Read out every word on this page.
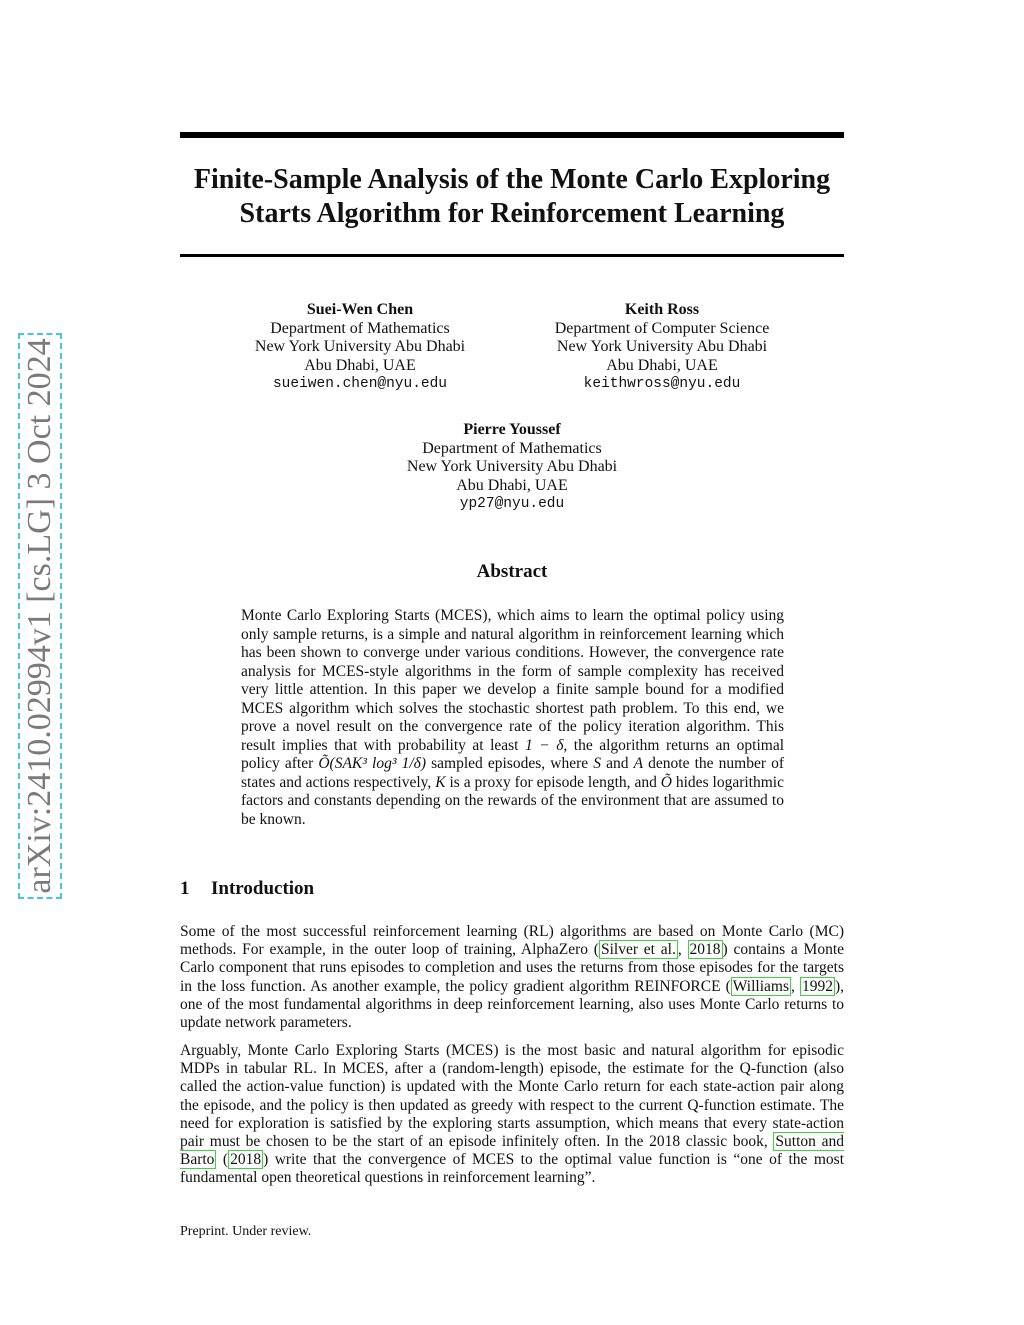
arXiv:2410.02994v1 [cs.LG] 3 Oct 2024
Finite-Sample Analysis of the Monte Carlo Exploring Starts Algorithm for Reinforcement Learning
Suei-Wen Chen
Department of Mathematics
New York University Abu Dhabi
Abu Dhabi, UAE
sueiwen.chen@nyu.edu
Keith Ross
Department of Computer Science
New York University Abu Dhabi
Abu Dhabi, UAE
keithwross@nyu.edu
Pierre Youssef
Department of Mathematics
New York University Abu Dhabi
Abu Dhabi, UAE
yp27@nyu.edu
Abstract

Monte Carlo Exploring Starts (MCES), which aims to learn the optimal policy using only sample returns, is a simple and natural algorithm in reinforcement learning which has been shown to converge under various conditions. However, the convergence rate analysis for MCES-style algorithms in the form of sample complexity has received very little attention. In this paper we develop a finite sample bound for a modified MCES algorithm which solves the stochastic shortest path problem. To this end, we prove a novel result on the convergence rate of the policy iteration algorithm. This result implies that with probability at least 1 − δ, the algorithm returns an optimal policy after Õ(SAK³ log³ 1/δ) sampled episodes, where S and A denote the number of states and actions respectively, K is a proxy for episode length, and Õ hides logarithmic factors and constants depending on the rewards of the environment that are assumed to be known.

1 Introduction

Some of the most successful reinforcement learning (RL) algorithms are based on Monte Carlo (MC) methods. For example, in the outer loop of training, AlphaZero ( Silver et al. , 2018 ) contains a Monte Carlo component that runs episodes to completion and uses the returns from those episodes for the targets in the loss function. As another example, the policy gradient algorithm REINFORCE ( Williams , 1992 ), one of the most fundamental algorithms in deep reinforcement learning, also uses Monte Carlo returns to update network parameters.

Arguably, Monte Carlo Exploring Starts (MCES) is the most basic and natural algorithm for episodic MDPs in tabular RL. In MCES, after a (random-length) episode, the estimate for the Q-function (also called the action-value function) is updated with the Monte Carlo return for each state-action pair along the episode, and the policy is then updated as greedy with respect to the current Q-function estimate. The need for exploration is satisfied by the exploring starts assumption, which means that every state-action pair must be chosen to be the start of an episode infinitely often. In the 2018 classic book, Sutton and Barto ( 2018 ) write that the convergence of MCES to the optimal value function is “one of the most fundamental open theoretical questions in reinforcement learning”.

Preprint. Under review.
